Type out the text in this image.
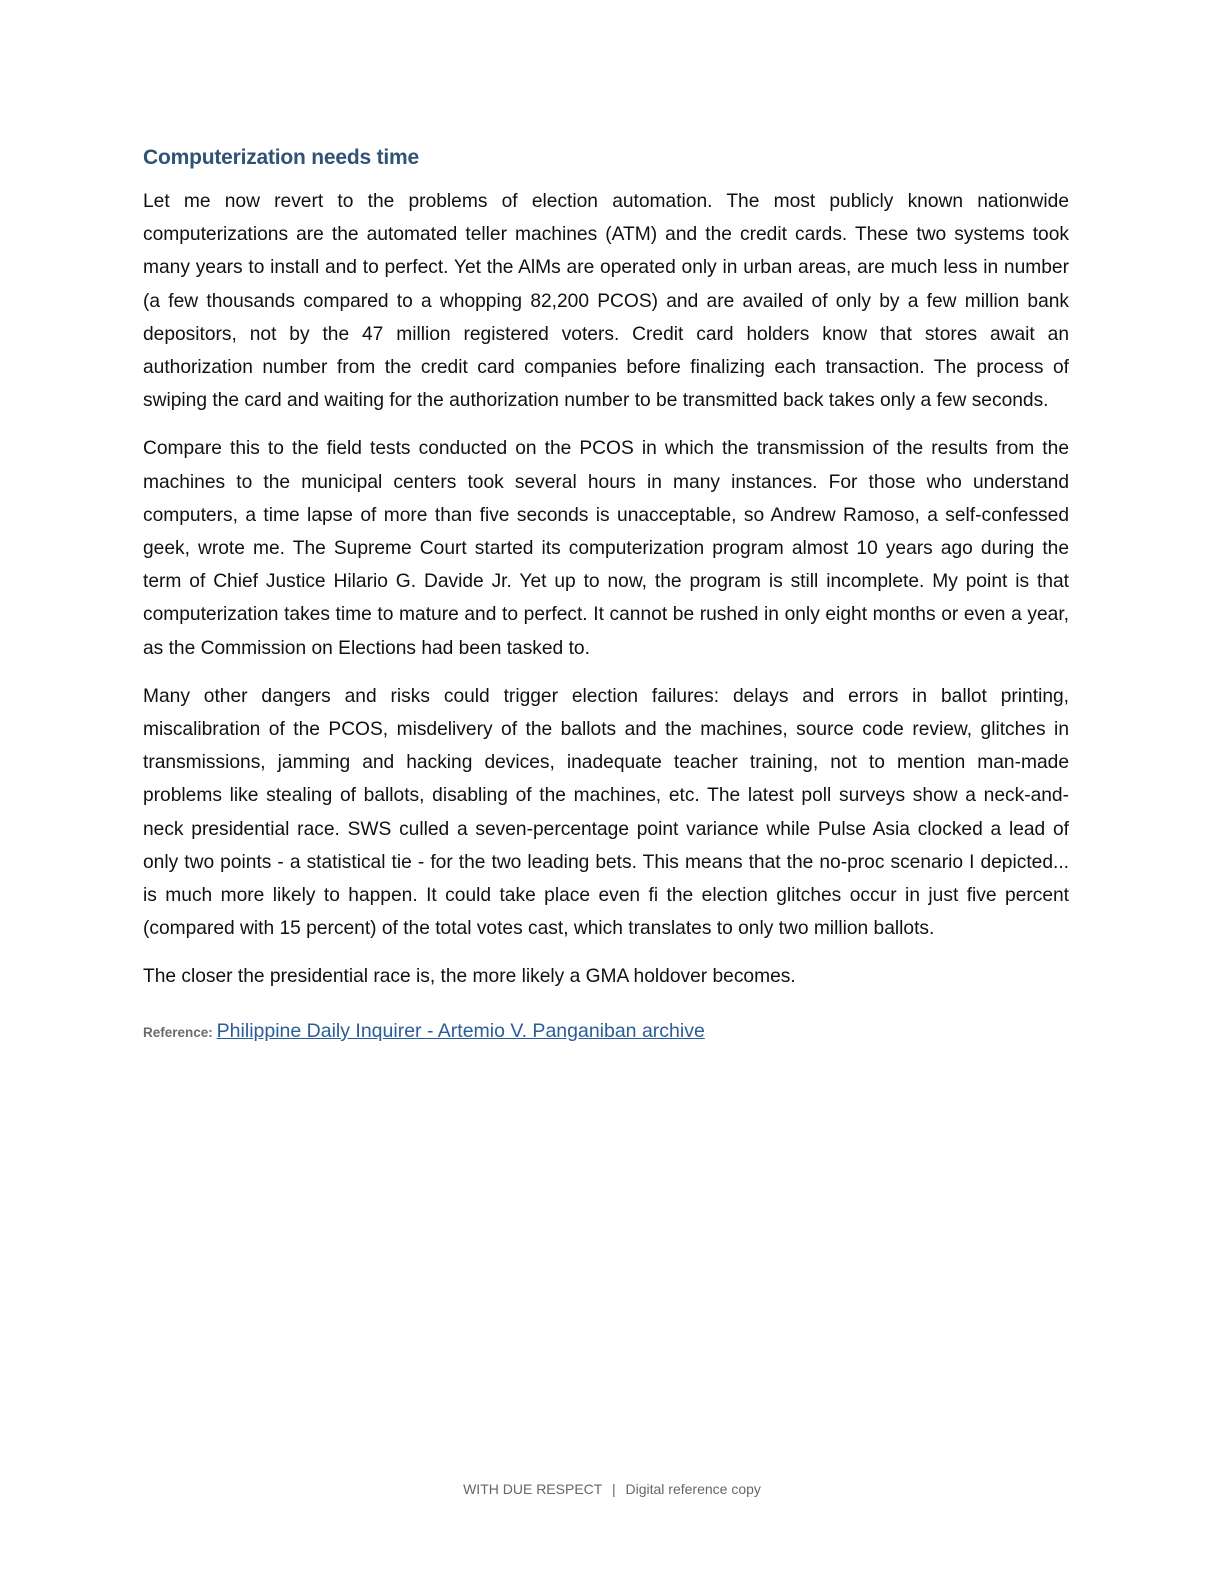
Computerization needs time

Let me now revert to the problems of election automation. The most publicly known nationwide computerizations are the automated teller machines (ATM) and the credit cards. These two systems took many years to install and to perfect. Yet the AlMs are operated only in urban areas, are much less in number (a few thousands compared to a whopping 82,200 PCOS) and are availed of only by a few million bank depositors, not by the 47 million registered voters. Credit card holders know that stores await an authorization number from the credit card companies before finalizing each transaction. The process of swiping the card and waiting for the authorization number to be transmitted back takes only a few seconds.

Compare this to the field tests conducted on the PCOS in which the transmission of the results from the machines to the municipal centers took several hours in many instances. For those who understand computers, a time lapse of more than five seconds is unacceptable, so Andrew Ramoso, a self-confessed geek, wrote me. The Supreme Court started its computerization program almost 10 years ago during the term of Chief Justice Hilario G. Davide Jr. Yet up to now, the program is still incomplete. My point is that computerization takes time to mature and to perfect. It cannot be rushed in only eight months or even a year, as the Commission on Elections had been tasked to.

Many other dangers and risks could trigger election failures: delays and errors in ballot printing, miscalibration of the PCOS, misdelivery of the ballots and the machines, source code review, glitches in transmissions, jamming and hacking devices, inadequate teacher training, not to mention man-made problems like stealing of ballots, disabling of the machines, etc. The latest poll surveys show a neck-and-neck presidential race. SWS culled a seven-percentage point variance while Pulse Asia clocked a lead of only two points - a statistical tie - for the two leading bets. This means that the no-proc scenario I depicted... is much more likely to happen. It could take place even fi the election glitches occur in just five percent (compared with 15 percent) of the total votes cast, which translates to only two million ballots.

The closer the presidential race is, the more likely a GMA holdover becomes.

Reference: Philippine Daily Inquirer - Artemio V. Panganiban archive
WITH DUE RESPECT | Digital reference copy
